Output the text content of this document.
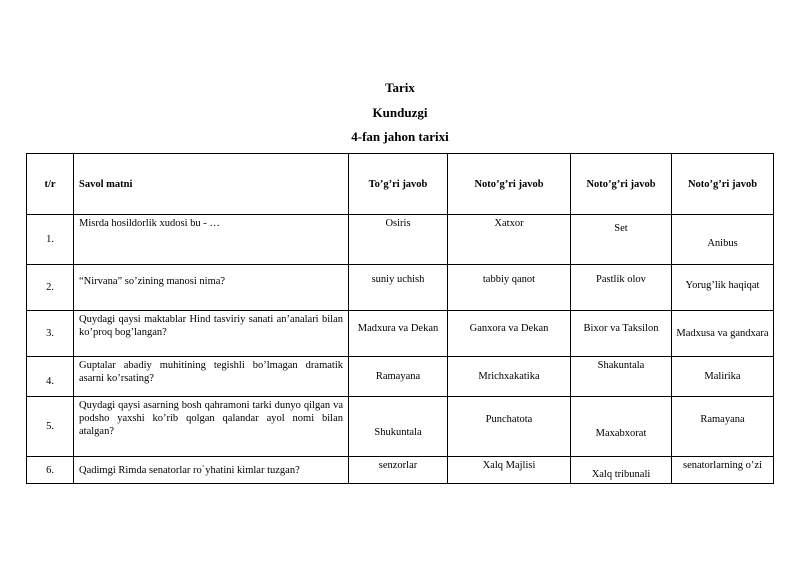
Tarix
Kunduzgi
4-fan jahon tarixi
t/r	Savol matni	To’g’ri javob	Noto’g’ri javob	Noto’g’ri javob	Noto’g’ri javob
1.	Misrda hosildorlik xudosi bu - …	Osiris	Xatxor	Set	Anibus
2.	“Nirvana” so’zining manosi nima?	suniy uchish	tabbiy qanot	Pastlik olov	Yorug’lik haqiqat
3.	Quydagi qaysi maktablar Hind tasviriy sanati an’analari bilan ko’proq bog’langan?	Madxura va Dekan	Ganxora va Dekan	Bixor va Taksilon	Madxusa va gandxara
4.	Guptalar abadiy muhitining tegishli bo’lmagan dramatik asarni ko’rsating?	Ramayana	Mrichxakatika	Shakuntala	Malirika
5.	Quydagi qaysi asarning bosh qahramoni tarki dunyo qilgan va podsho yaxshi ko’rib qolgan qalandar ayol nomi bilan atalgan?	Shukuntala	Punchatota	Maxabxorat	Ramayana
6.	Qadimgi Rimda senatorlar ro`yhatini kimlar tuzgan?	senzorlar	Xalq Majlisi	Xalq tribunali	senatorlarning o’zi
